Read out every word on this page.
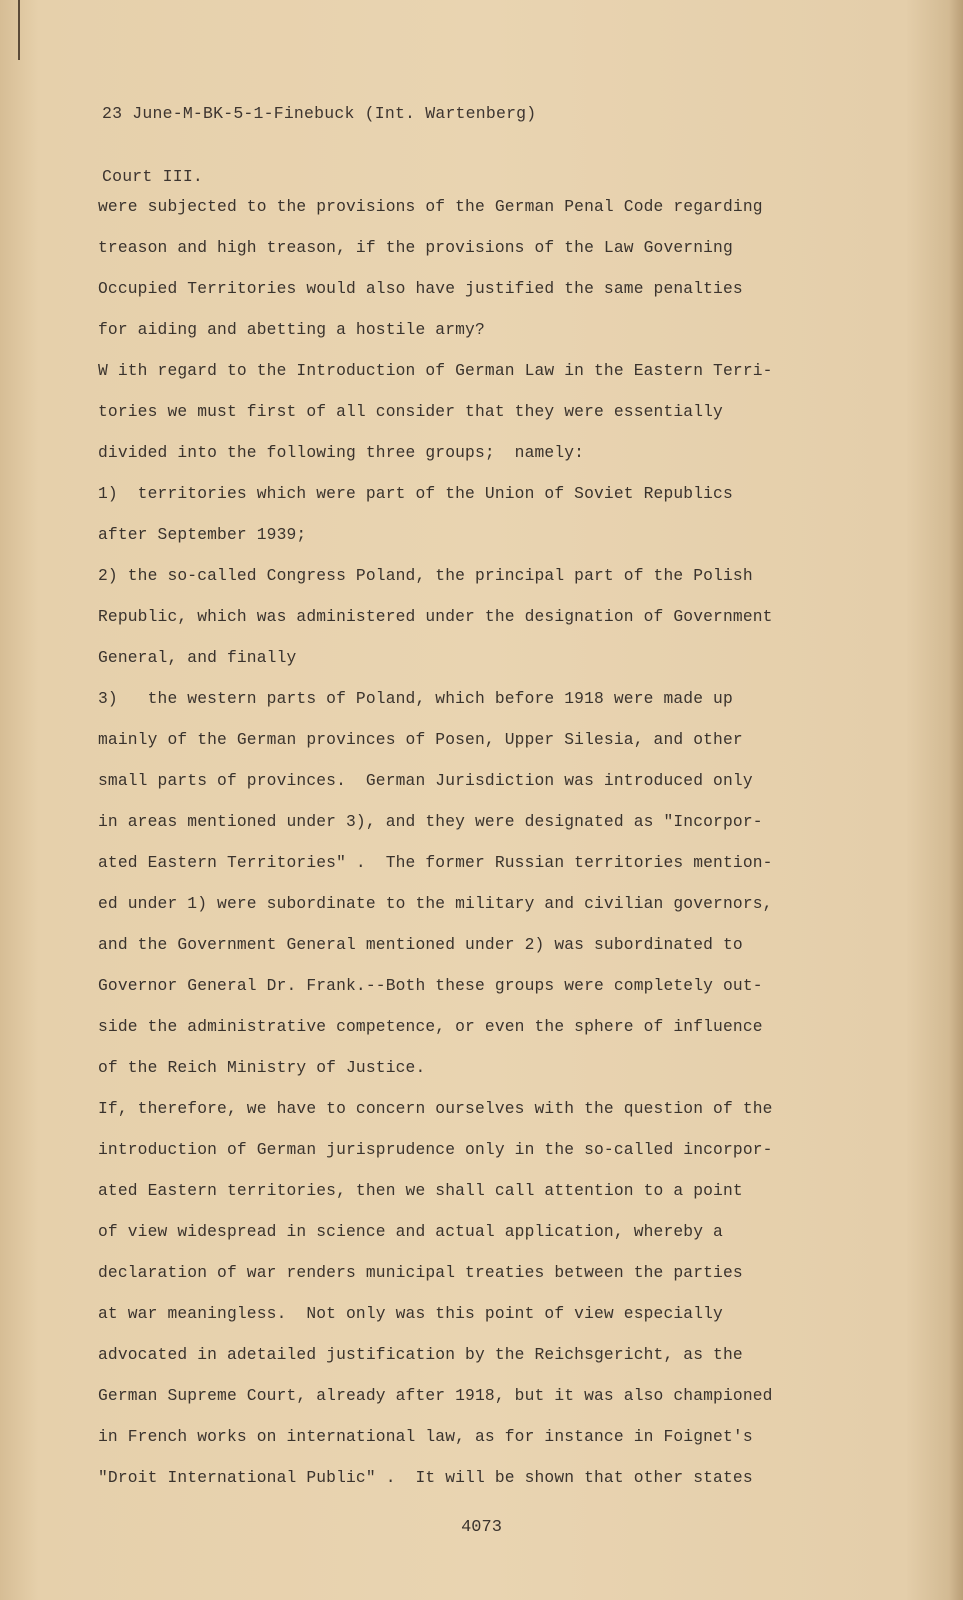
23 June-M-BK-5-1-Finebuck (Int. Wartenberg)

Court III.

were subjected to the provisions of the German Penal Code regarding
treason and high treason, if the provisions of the Law Governing
Occupied Territories would also have justified the same penalties
for aiding and abetting a hostile army?
W ith regard to the Introduction of German Law in the Eastern Terri-
tories we must first of all consider that they were essentially
divided into the following three groups;  namely:
1)  territories which were part of the Union of Soviet Republics
after September 1939;
2) the so-called Congress Poland, the principal part of the Polish
Republic, which was administered under the designation of Government
General, and finally
3)   the western parts of Poland, which before 1918 were made up
mainly of the German provinces of Posen, Upper Silesia, and other
small parts of provinces.  German Jurisdiction was introduced only
in areas mentioned under 3), and they were designated as "Incorpor-
ated Eastern Territories" .  The former Russian territories mention-
ed under 1) were subordinate to the military and civilian governors,
and the Government General mentioned under 2) was subordinated to
Governor General Dr. Frank.--Both these groups were completely out-
side the administrative competence, or even the sphere of influence
of the Reich Ministry of Justice.
If, therefore, we have to concern ourselves with the question of the
introduction of German jurisprudence only in the so-called incorpor-
ated Eastern territories, then we shall call attention to a point
of view widespread in science and actual application, whereby a
declaration of war renders municipal treaties between the parties
at war meaningless.  Not only was this point of view especially
advocated in adetailed justification by the Reichsgericht, as the
German Supreme Court, already after 1918, but it was also championed
in French works on international law, as for instance in Foignet's
"Droit International Public" .  It will be shown that other states
4073
